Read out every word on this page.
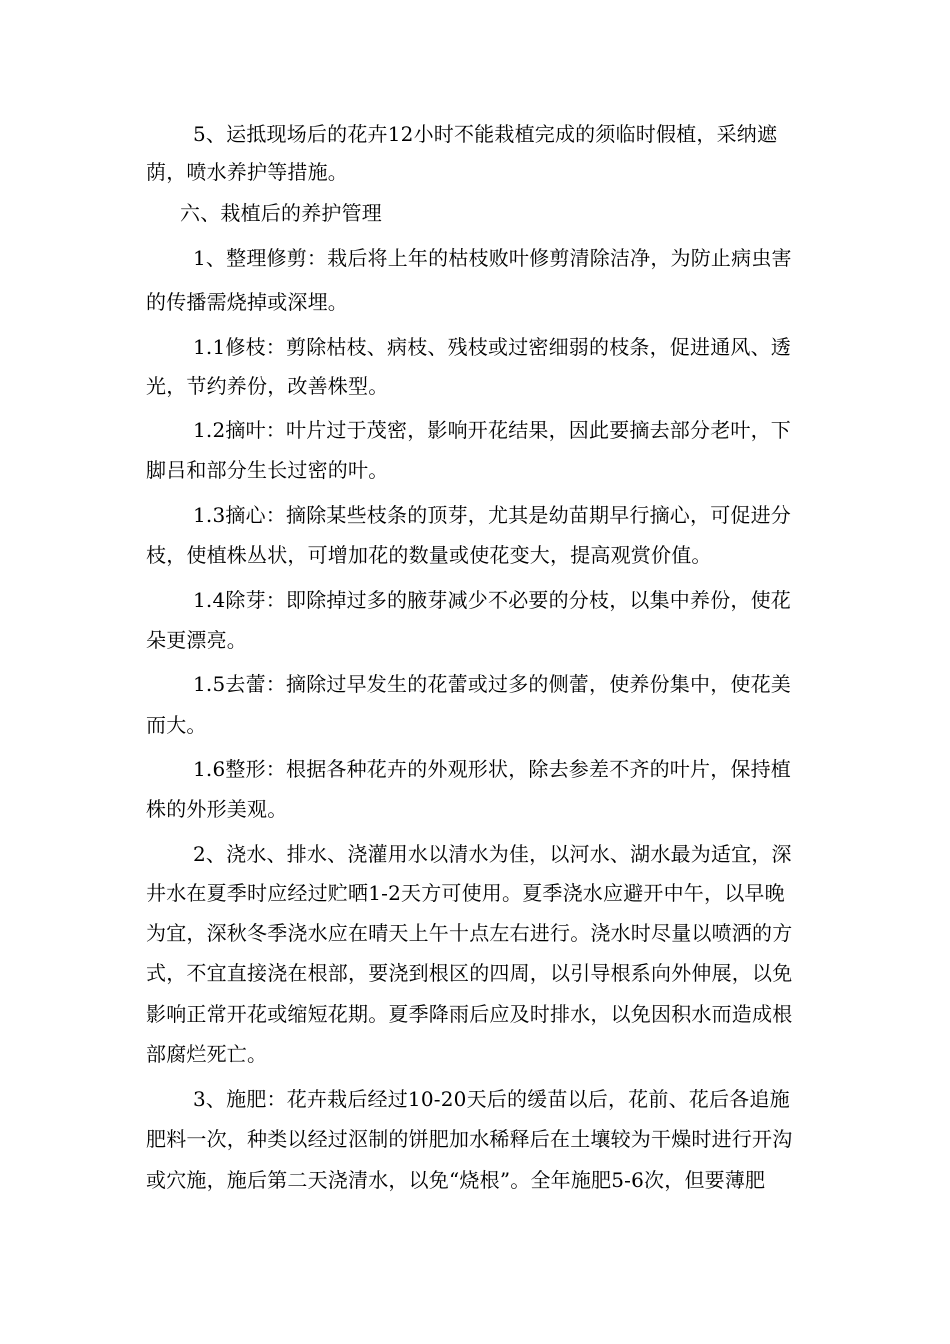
5、运抵现场后的花卉12小时不能栽植完成的须临时假植，采纳遮
荫，喷水养护等措施。
六、栽植后的养护管理
1、整理修剪：栽后将上年的枯枝败叶修剪清除洁净，为防止病虫害
的传播需烧掉或深埋。
1.1修枝：剪除枯枝、病枝、残枝或过密细弱的枝条，促进通风、透
光，节约养份，改善株型。
1.2摘叶：叶片过于茂密，影响开花结果，因此要摘去部分老叶，下
脚吕和部分生长过密的叶。
1.3摘心：摘除某些枝条的顶芽，尤其是幼苗期早行摘心，可促进分
枝，使植株丛状，可增加花的数量或使花变大，提高观赏价值。
1.4除芽：即除掉过多的腋芽减少不必要的分枝，以集中养份，使花
朵更漂亮。
1.5去蕾：摘除过早发生的花蕾或过多的侧蕾，使养份集中，使花美
而大。
1.6整形：根据各种花卉的外观形状，除去参差不齐的叶片，保持植
株的外形美观。
2、浇水、排水、浇灌用水以清水为佳，以河水、湖水最为适宜，深
井水在夏季时应经过贮晒1-2天方可使用。夏季浇水应避开中午，以早晚
为宜，深秋冬季浇水应在晴天上午十点左右进行。浇水时尽量以喷洒的方
式，不宜直接浇在根部，要浇到根区的四周，以引导根系向外伸展，以免
影响正常开花或缩短花期。夏季降雨后应及时排水，以免因积水而造成根
部腐烂死亡。
3、施肥：花卉栽后经过10-20天后的缓苗以后，花前、花后各追施
肥料一次，种类以经过沤制的饼肥加水稀释后在土壤较为干燥时进行开沟
或穴施，施后第二天浇清水，以免“烧根”。全年施肥5-6次，但要薄肥
